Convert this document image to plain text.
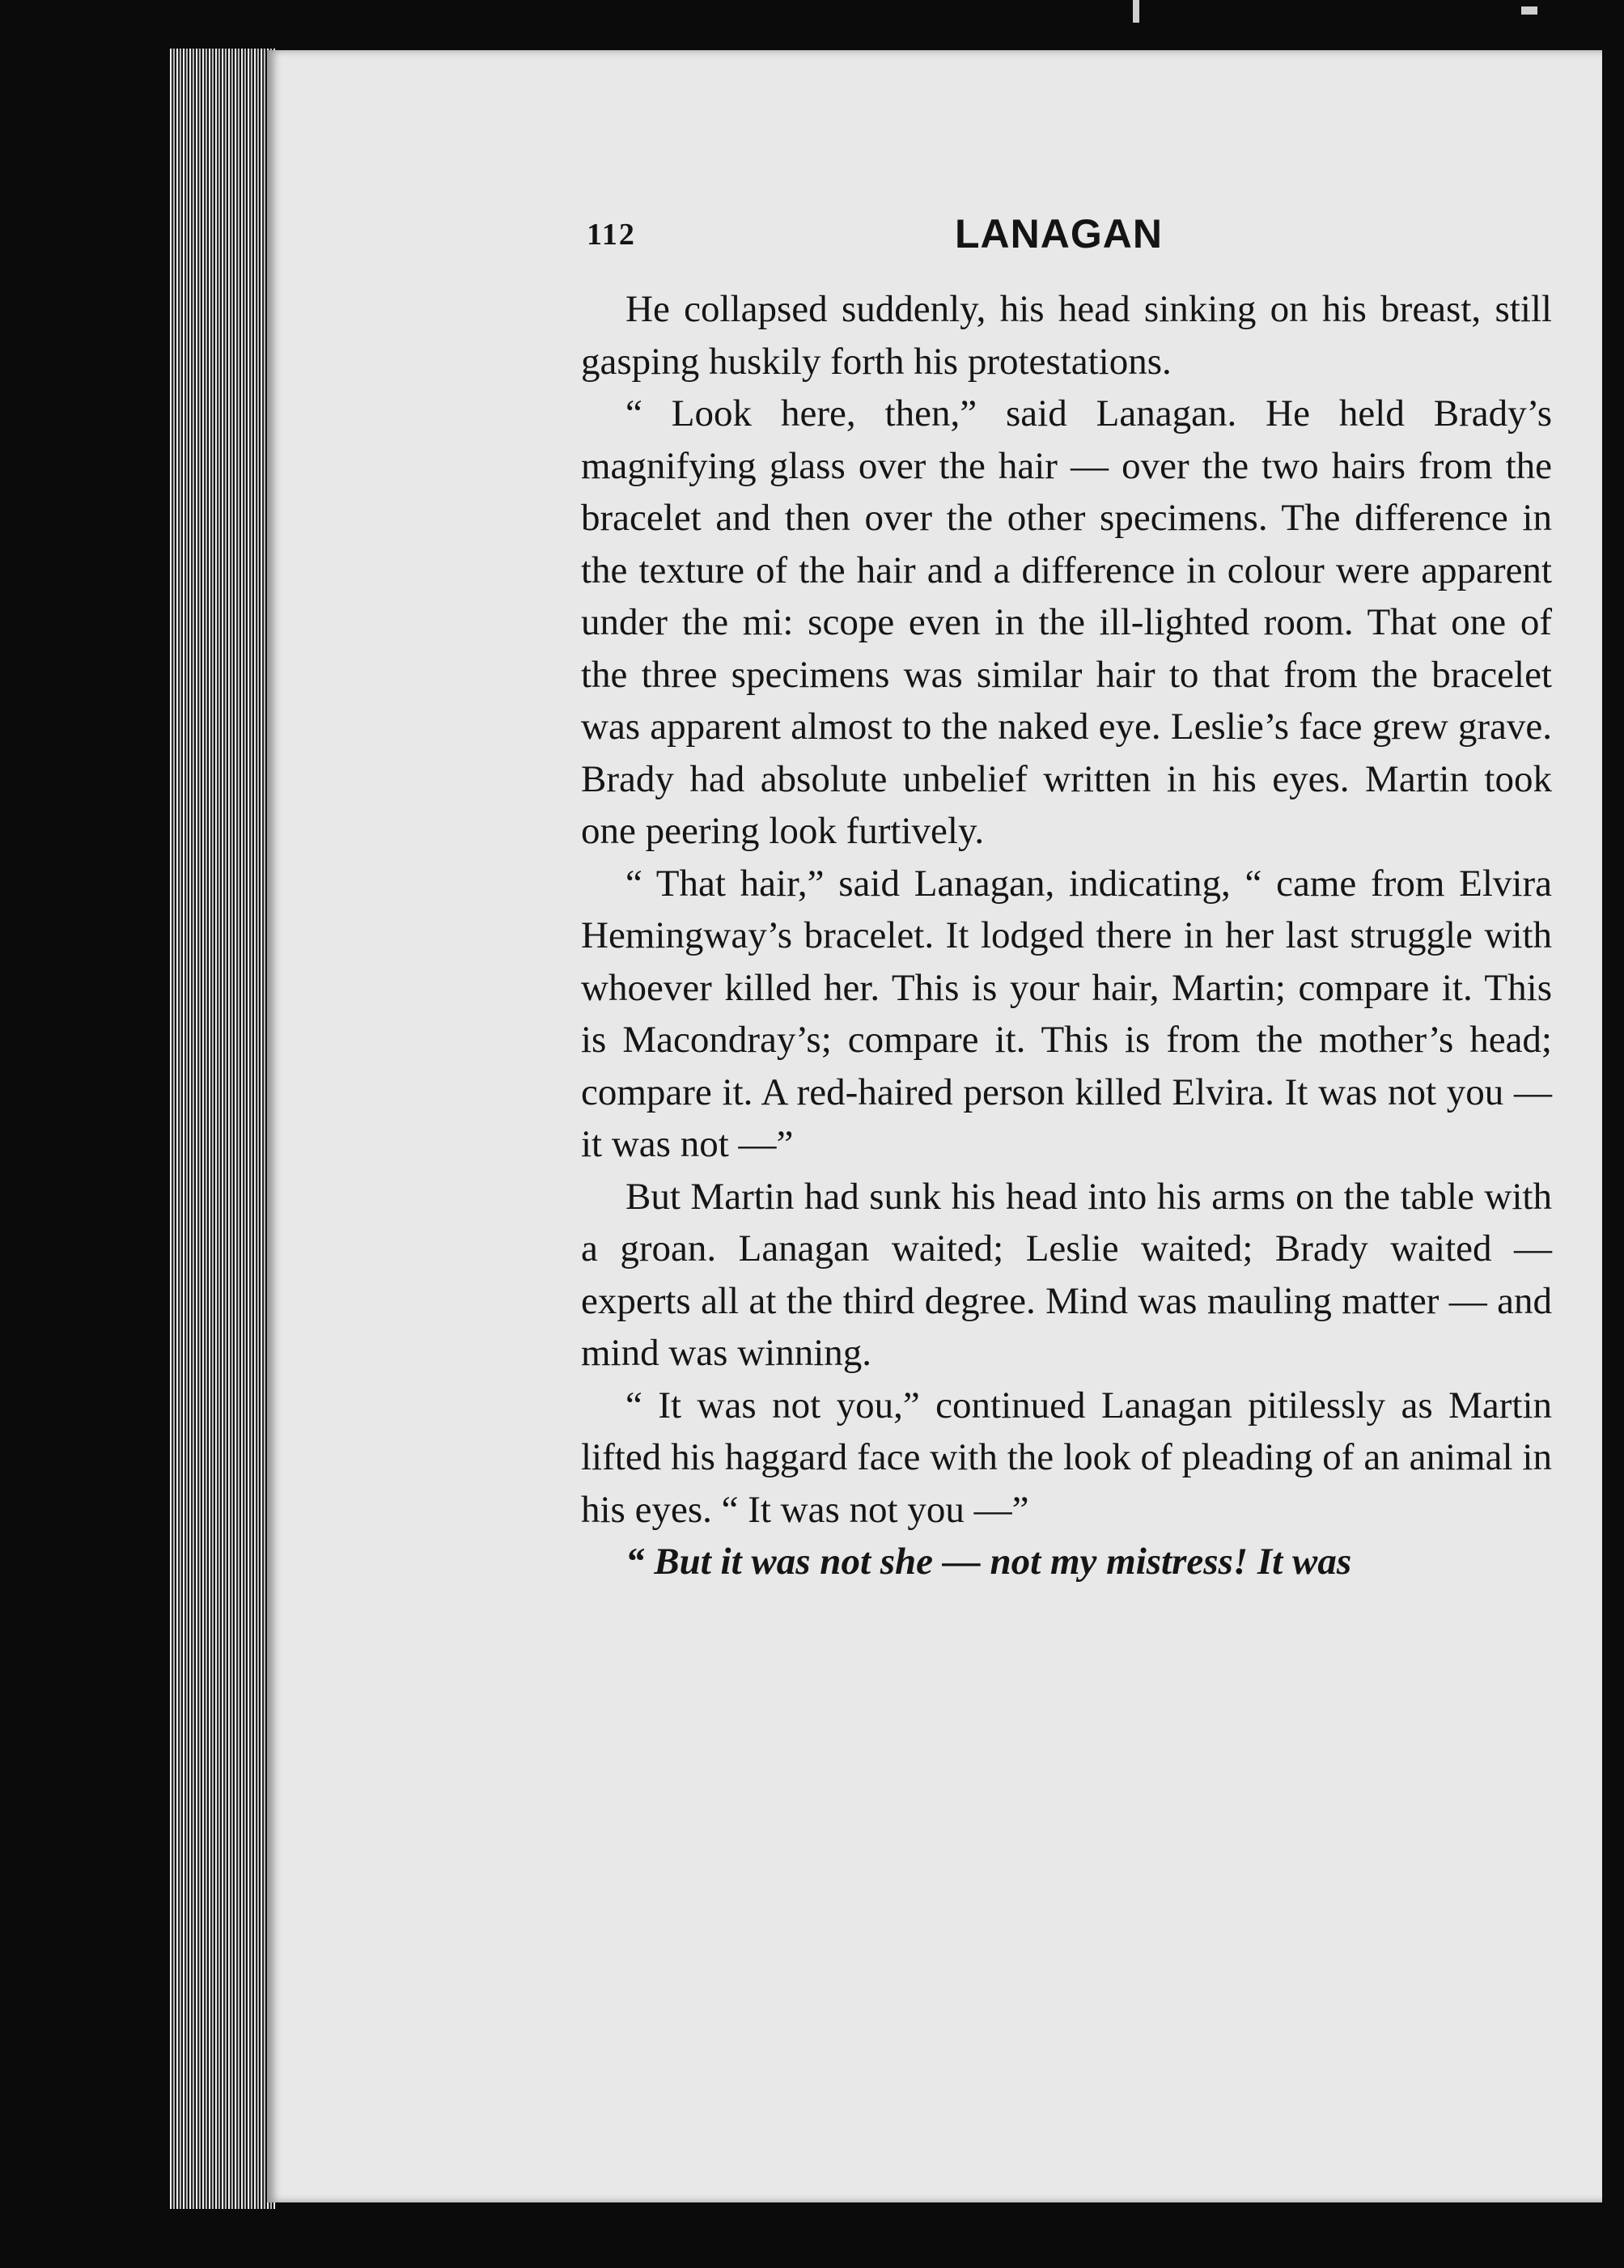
112	LANAGAN

He collapsed suddenly, his head sinking on his breast, still gasping huskily forth his protestations.

“ Look here, then,” said Lanagan. He held Brady’s magnifying glass over the hair — over the two hairs from the bracelet and then over the other specimens. The difference in the texture of the hair and a difference in colour were apparent under the mi: scope even in the ill-lighted room. That one of the three specimens was similar hair to that from the bracelet was apparent almost to the naked eye. Leslie’s face grew grave. Brady had absolute unbelief written in his eyes. Martin took one peering look furtively.

“ That hair,” said Lanagan, indicating, “ came from Elvira Hemingway’s bracelet. It lodged there in her last struggle with whoever killed her. This is your hair, Martin; compare it. This is Macondray’s; compare it. This is from the mother’s head; compare it. A red-haired person killed Elvira. It was not you — it was not —”

But Martin had sunk his head into his arms on the table with a groan. Lanagan waited; Leslie waited; Brady waited — experts all at the third degree. Mind was mauling matter — and mind was winning.

“ It was not you,” continued Lanagan pitilessly as Martin lifted his haggard face with the look of pleading of an animal in his eyes. “ It was not you —”

“ But it was not she — not my mistress! It was
